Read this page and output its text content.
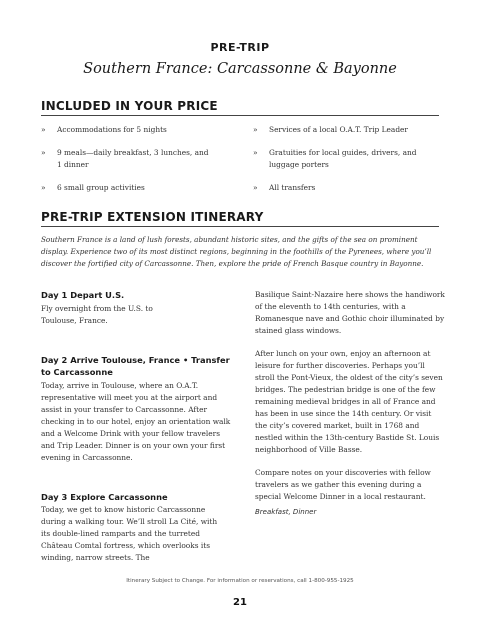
PRE-TRIP
Southern France: Carcassonne & Bayonne
INCLUDED IN YOUR PRICE
» Accommodations for 5 nights
» 9 meals—daily breakfast, 3 lunches, and 1 dinner
» 6 small group activities
» Services of a local O.A.T. Trip Leader
» Gratuities for local guides, drivers, and luggage porters
» All transfers
PRE-TRIP EXTENSION ITINERARY
Southern France is a land of lush forests, abundant historic sites, and the gifts of the sea on prominent display. Experience two of its most distinct regions, beginning in the foothills of the Pyrenees, where you’ll discover the fortified city of Carcassonne. Then, explore the pride of French Basque country in Bayonne.
Day 1 Depart U.S.
Fly overnight from the U.S. to Toulouse, France.
Day 2 Arrive Toulouse, France • Transfer to Carcassonne
Today, arrive in Toulouse, where an O.A.T. representative will meet you at the airport and assist in your transfer to Carcassonne. After checking in to our hotel, enjoy an orientation walk and a Welcome Drink with your fellow travelers and Trip Leader. Dinner is on your own your first evening in Carcassonne.
Day 3 Explore Carcassonne
Today, we get to know historic Carcassonne during a walking tour. We’ll stroll La Cité, with its double-lined ramparts and the turreted Château Comtal fortress, which overlooks its winding, narrow streets. The
Basilique Saint-Nazaire here shows the handiwork of the eleventh to 14th centuries, with a Romanesque nave and Gothic choir illuminated by stained glass windows.
After lunch on your own, enjoy an afternoon at leisure for further discoveries. Perhaps you’ll stroll the Pont-Vieux, the oldest of the city’s seven bridges. The pedestrian bridge is one of the few remaining medieval bridges in all of France and has been in use since the 14th century. Or visit the city’s covered market, built in 1768 and nestled within the 13th-century Bastide St. Louis neighborhood of Ville Basse.
Compare notes on your discoveries with fellow travelers as we gather this evening during a special Welcome Dinner in a local restaurant.
Breakfast, Dinner
Itinerary Subject to Change. For information or reservations, call 1-800-955-1925
21
